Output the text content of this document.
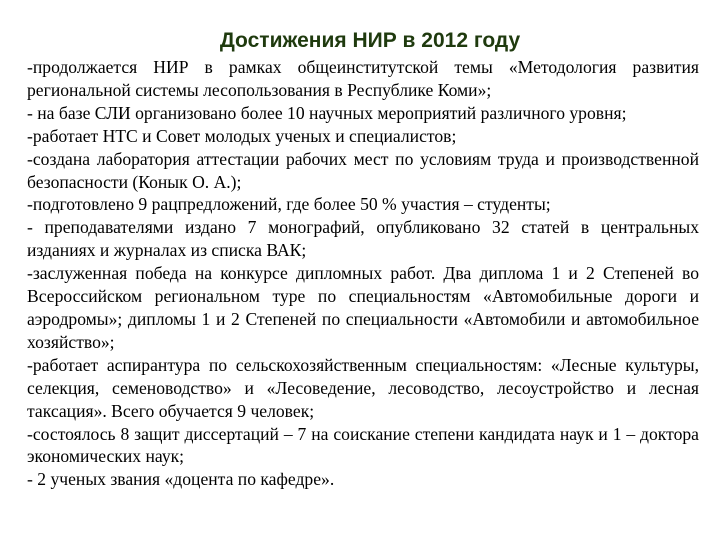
Достижения НИР в 2012 году

-продолжается НИР в рамках общеинститутской темы «Методология развития региональной системы лесопользования в Республике Коми»;

- на базе СЛИ организовано более 10 научных мероприятий различного уровня;

-работает НТС и Совет молодых ученых и специалистов;

-создана лаборатория аттестации рабочих мест по условиям труда и производственной безопасности (Конык О. А.);

-подготовлено 9 рацпредложений, где более 50 % участия – студенты;

- преподавателями издано 7 монографий, опубликовано 32 статей в центральных изданиях и журналах из списка ВАК;

-заслуженная победа на конкурсе дипломных работ. Два диплома 1 и 2 Степеней во Всероссийском региональном туре по специальностям «Автомобильные дороги и аэродромы»; дипломы 1 и 2 Степеней по специальности «Автомобили и автомобильное хозяйство»;

-работает аспирантура по сельскохозяйственным специальностям: «Лесные культуры, селекция, семеноводство» и «Лесоведение, лесоводство, лесоустройство и лесная таксация». Всего обучается 9 человек;

-состоялось 8 защит диссертаций – 7 на соискание степени кандидата наук и 1 – доктора экономических наук;

- 2 ученых звания «доцента по кафедре».
